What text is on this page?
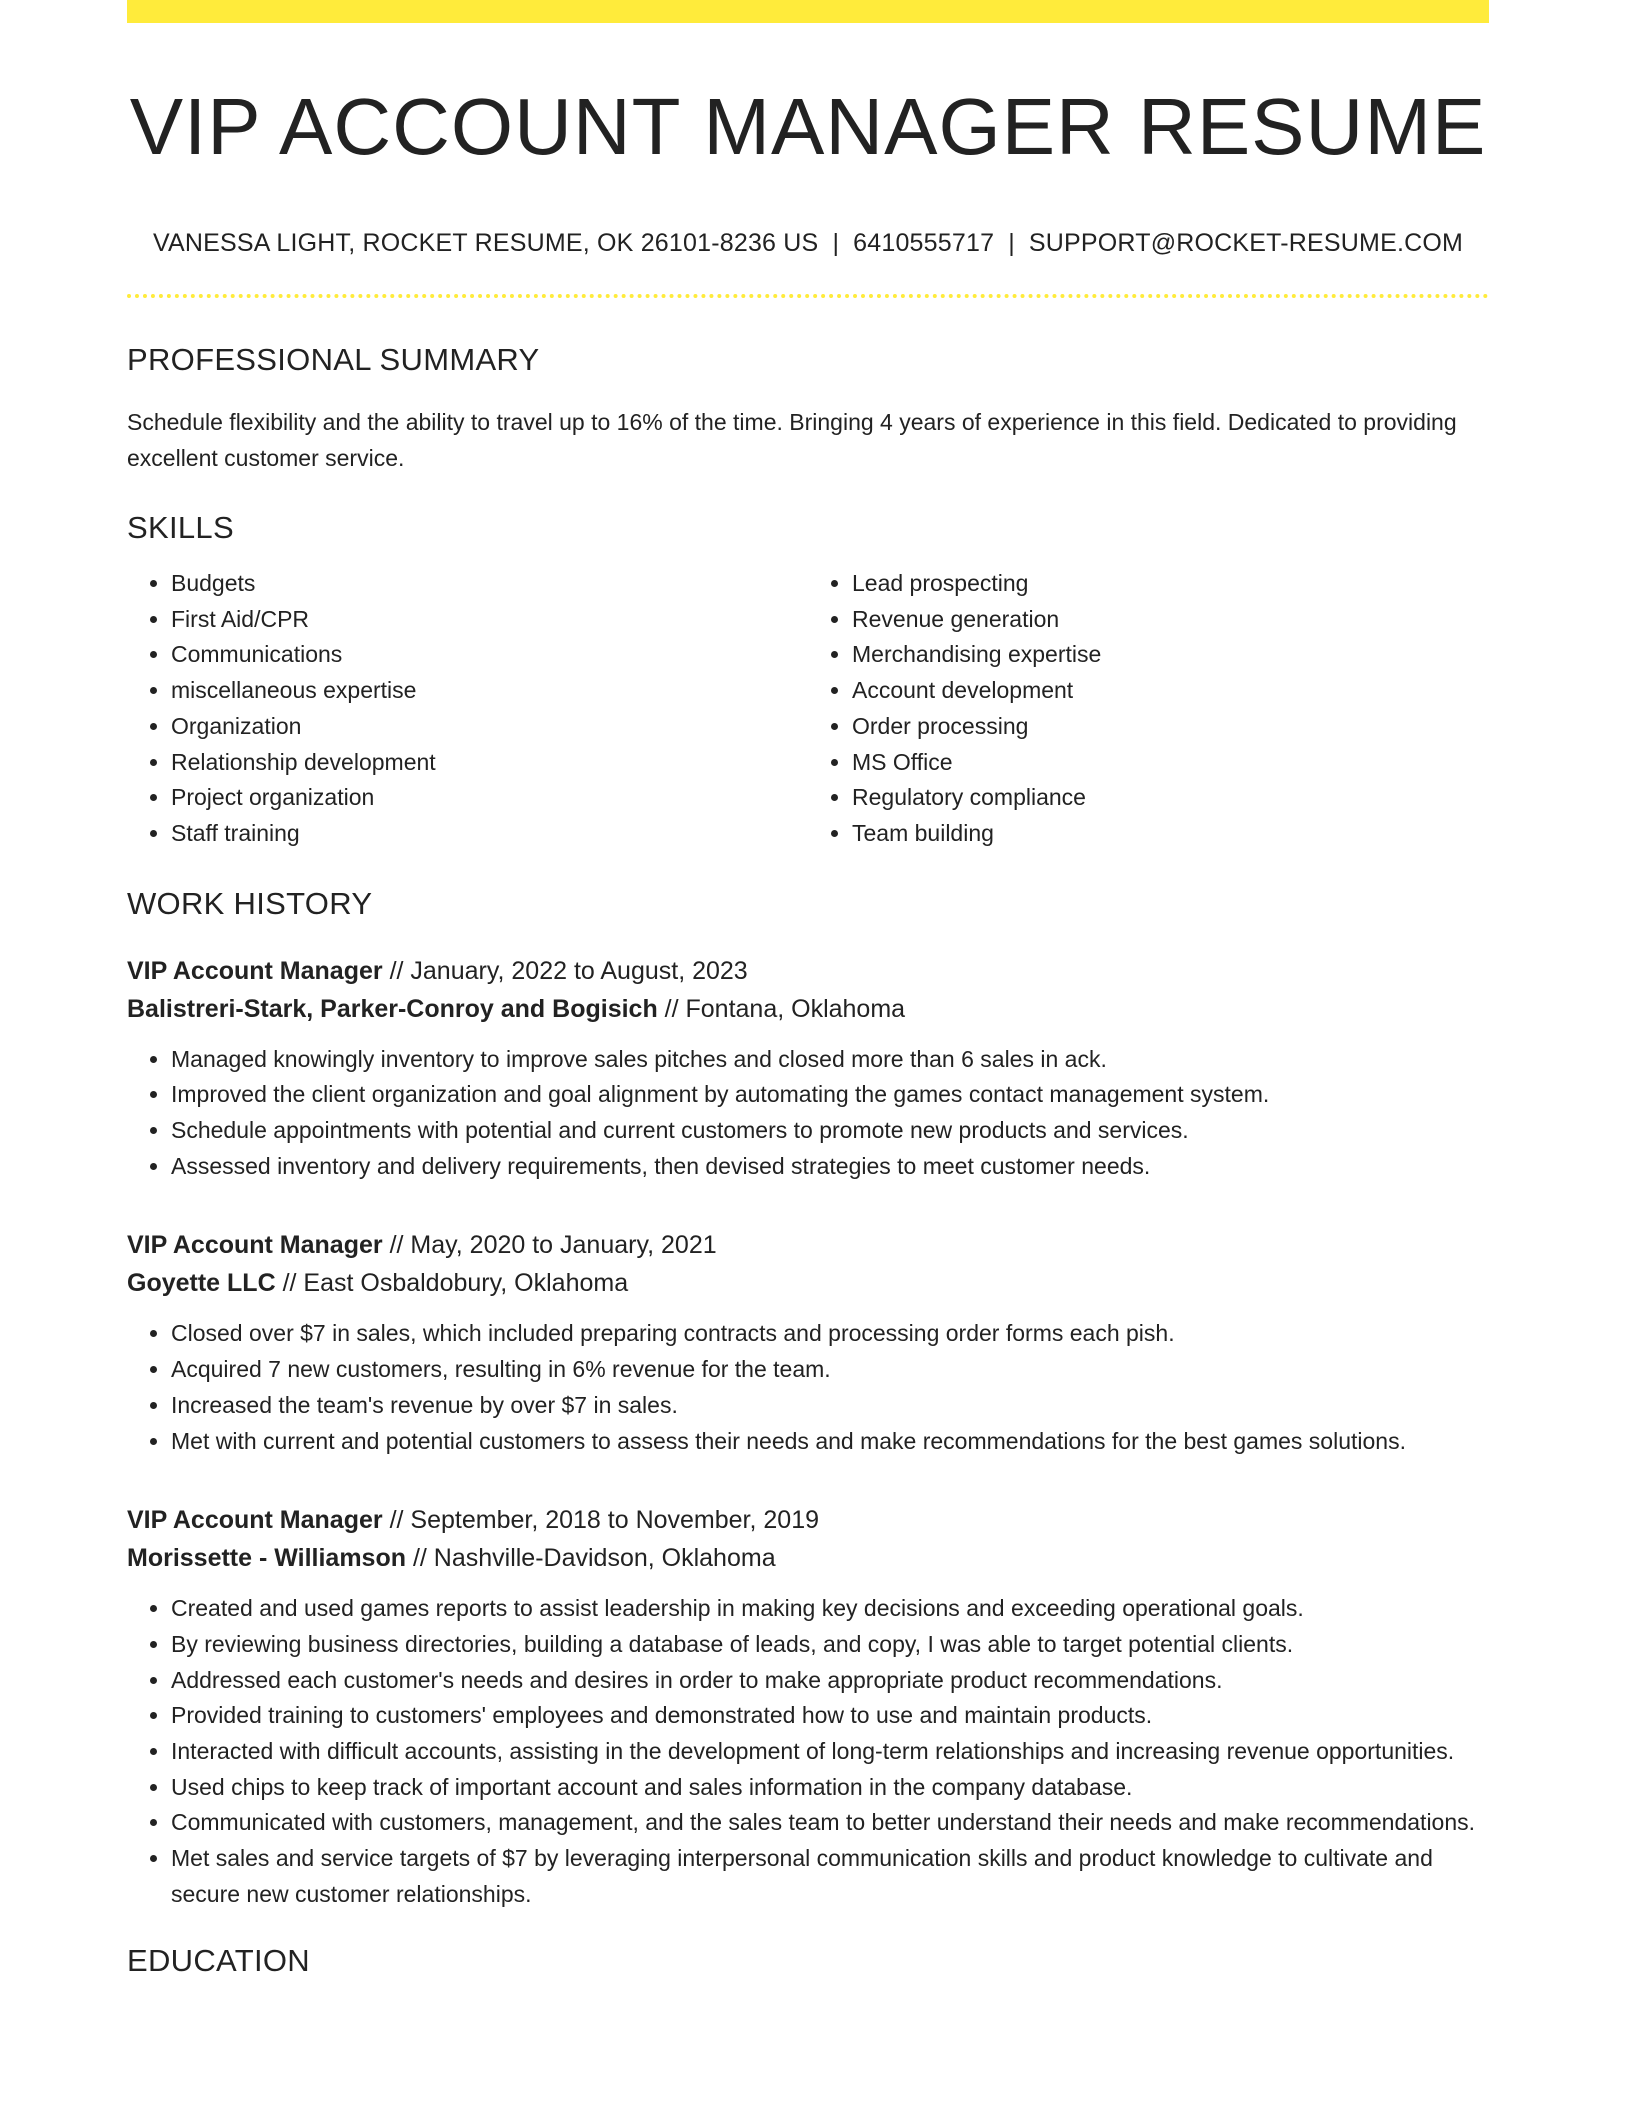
VIP ACCOUNT MANAGER RESUME
VANESSA LIGHT, ROCKET RESUME, OK 26101-8236 US | 6410555717 | SUPPORT@ROCKET-RESUME.COM
PROFESSIONAL SUMMARY

Schedule flexibility and the ability to travel up to 16% of the time. Bringing 4 years of experience in this field. Dedicated to providing excellent customer service.

SKILLS
• Budgets
• First Aid/CPR
• Communications
• miscellaneous expertise
• Organization
• Relationship development
• Project organization
• Staff training
• Lead prospecting
• Revenue generation
• Merchandising expertise
• Account development
• Order processing
• MS Office
• Regulatory compliance
• Team building
WORK HISTORY
VIP Account Manager // January, 2022 to August, 2023
Balistreri-Stark, Parker-Conroy and Bogisich // Fontana, Oklahoma
• Managed knowingly inventory to improve sales pitches and closed more than 6 sales in ack.
• Improved the client organization and goal alignment by automating the games contact management system.
• Schedule appointments with potential and current customers to promote new products and services.
• Assessed inventory and delivery requirements, then devised strategies to meet customer needs.
VIP Account Manager // May, 2020 to January, 2021
Goyette LLC // East Osbaldobury, Oklahoma
• Closed over $7 in sales, which included preparing contracts and processing order forms each pish.
• Acquired 7 new customers, resulting in 6% revenue for the team.
• Increased the team's revenue by over $7 in sales.
• Met with current and potential customers to assess their needs and make recommendations for the best games solutions.
VIP Account Manager // September, 2018 to November, 2019
Morissette - Williamson // Nashville-Davidson, Oklahoma
• Created and used games reports to assist leadership in making key decisions and exceeding operational goals.
• By reviewing business directories, building a database of leads, and copy, I was able to target potential clients.
• Addressed each customer's needs and desires in order to make appropriate product recommendations.
• Provided training to customers' employees and demonstrated how to use and maintain products.
• Interacted with difficult accounts, assisting in the development of long-term relationships and increasing revenue opportunities.
• Used chips to keep track of important account and sales information in the company database.
• Communicated with customers, management, and the sales team to better understand their needs and make recommendations.
• Met sales and service targets of $7 by leveraging interpersonal communication skills and product knowledge to cultivate and secure new customer relationships.
EDUCATION
